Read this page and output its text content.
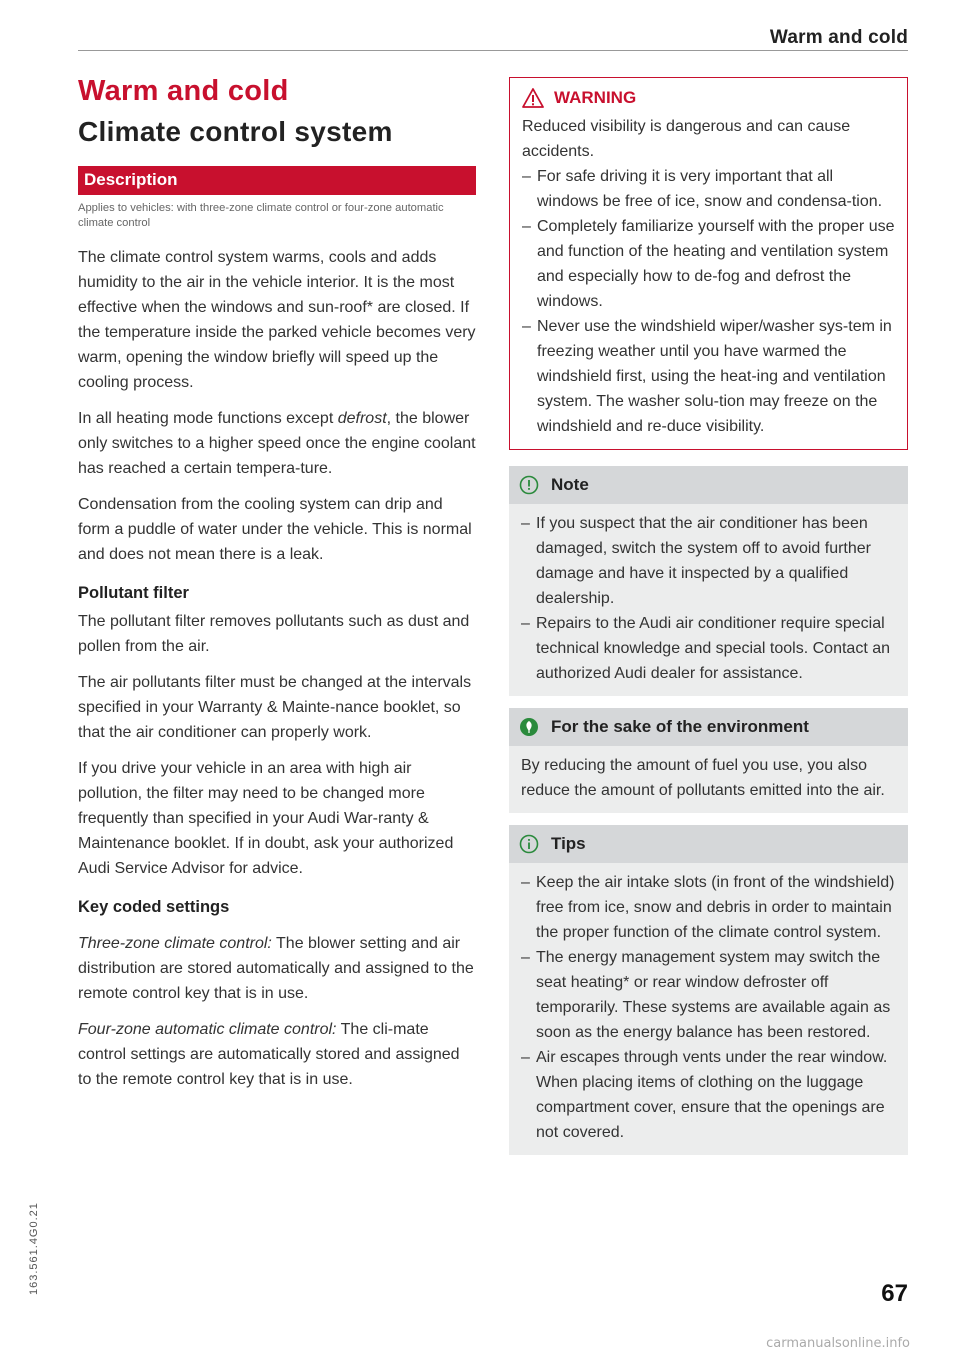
Warm and cold
Warm and cold
Climate control system
Description
Applies to vehicles: with three-zone climate control or four-zone automatic climate control

The climate control system warms, cools and adds humidity to the air in the vehicle interior. It is the most effective when the windows and sun-roof* are closed. If the temperature inside the parked vehicle becomes very warm, opening the window briefly will speed up the cooling process.

In all heating mode functions except defrost, the blower only switches to a higher speed once the engine coolant has reached a certain tempera-ture.

Condensation from the cooling system can drip and form a puddle of water under the vehicle. This is normal and does not mean there is a leak.

Pollutant filter

The pollutant filter removes pollutants such as dust and pollen from the air.

The air pollutants filter must be changed at the intervals specified in your Warranty & Mainte-nance booklet, so that the air conditioner can properly work.

If you drive your vehicle in an area with high air pollution, the filter may need to be changed more frequently than specified in your Audi War-ranty & Maintenance booklet. If in doubt, ask your authorized Audi Service Advisor for advice.

Key coded settings

Three-zone climate control: The blower setting and air distribution are stored automatically and assigned to the remote control key that is in use.

Four-zone automatic climate control: The cli-mate control settings are automatically stored and assigned to the remote control key that is in use.

WARNING

Reduced visibility is dangerous and can cause accidents.

– For safe driving it is very important that all windows be free of ice, snow and condensa-tion.
– Completely familiarize yourself with the proper use and function of the heating and ventilation system and especially how to de-fog and defrost the windows.
– Never use the windshield wiper/washer sys-tem in freezing weather until you have warmed the windshield first, using the heat-ing and ventilation system. The washer solu-tion may freeze on the windshield and re-duce visibility.
Note
– If you suspect that the air conditioner has been damaged, switch the system off to avoid further damage and have it inspected by a qualified dealership.
– Repairs to the Audi air conditioner require special technical knowledge and special tools. Contact an authorized Audi dealer for assistance.
For the sake of the environment

By reducing the amount of fuel you use, you also reduce the amount of pollutants emitted into the air.

Tips
– Keep the air intake slots (in front of the windshield) free from ice, snow and debris in order to maintain the proper function of the climate control system.
– The energy management system may switch the seat heating* or rear window defroster off temporarily. These systems are available again as soon as the energy balance has been restored.
– Air escapes through vents under the rear window. When placing items of clothing on the luggage compartment cover, ensure that the openings are not covered.
163.561.4G0.21	67
carmanualsonline.info
